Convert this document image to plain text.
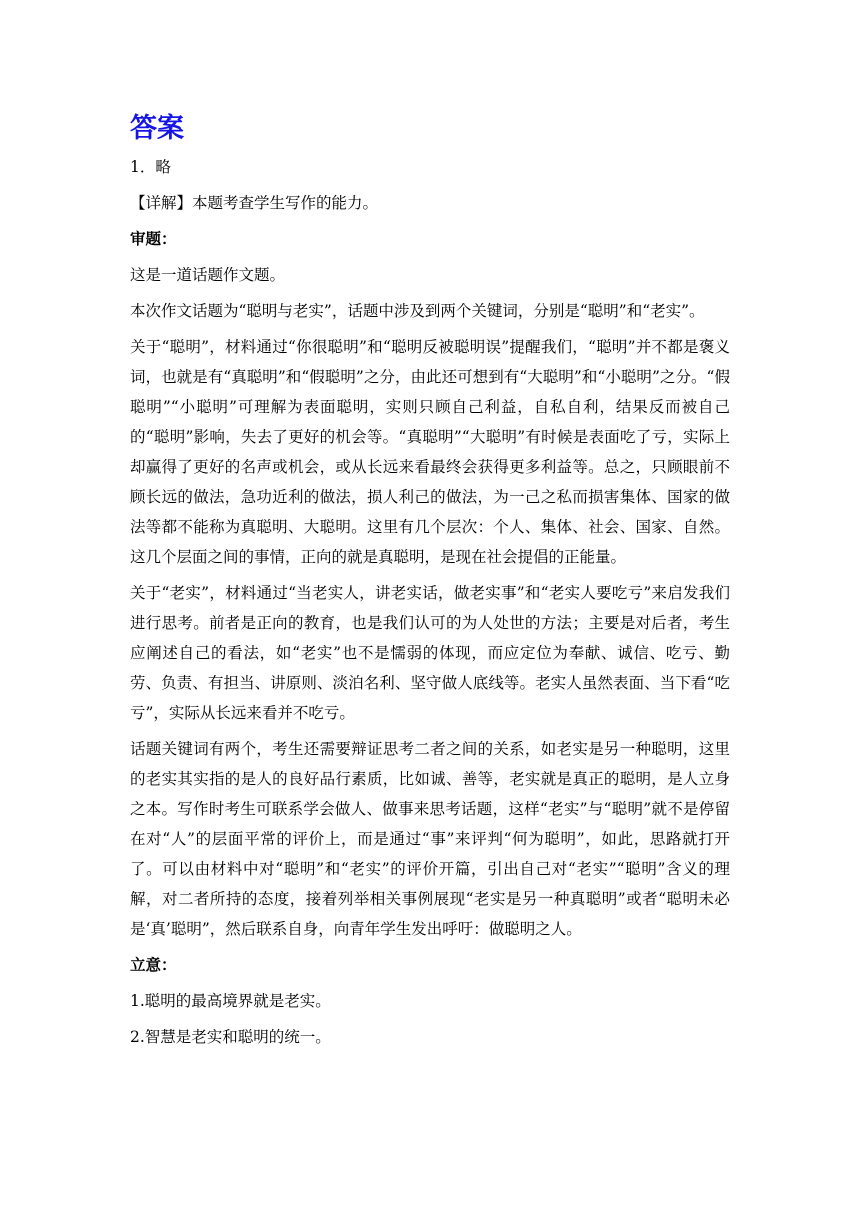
答案

1．略

【详解】本题考查学生写作的能力。

审题：

这是一道话题作文题。

本次作文话题为“聪明与老实”，话题中涉及到两个关键词，分别是“聪明”和“老实”。

关于“聪明”，材料通过“你很聪明”和“聪明反被聪明误”提醒我们，“聪明”并不都是褒义词，也就是有“真聪明”和“假聪明”之分，由此还可想到有“大聪明”和“小聪明”之分。“假聪明”“小聪明”可理解为表面聪明，实则只顾自己利益，自私自利，结果反而被自己的“聪明”影响，失去了更好的机会等。“真聪明”“大聪明”有时候是表面吃了亏，实际上却赢得了更好的名声或机会，或从长远来看最终会获得更多利益等。总之，只顾眼前不顾长远的做法，急功近利的做法，损人利己的做法，为一己之私而损害集体、国家的做法等都不能称为真聪明、大聪明。这里有几个层次：个人、集体、社会、国家、自然。这几个层面之间的事情，正向的就是真聪明，是现在社会提倡的正能量。

关于“老实”，材料通过“当老实人，讲老实话，做老实事”和“老实人要吃亏”来启发我们进行思考。前者是正向的教育，也是我们认可的为人处世的方法；主要是对后者，考生应阐述自己的看法，如“老实”也不是懦弱的体现，而应定位为奉献、诚信、吃亏、勤劳、负责、有担当、讲原则、淡泊名利、坚守做人底线等。老实人虽然表面、当下看“吃亏”，实际从长远来看并不吃亏。

话题关键词有两个，考生还需要辩证思考二者之间的关系，如老实是另一种聪明，这里的老实其实指的是人的良好品行素质，比如诚、善等，老实就是真正的聪明，是人立身之本。写作时考生可联系学会做人、做事来思考话题，这样“老实”与“聪明”就不是停留在对“人”的层面平常的评价上，而是通过“事”来评判“何为聪明”，如此，思路就打开了。可以由材料中对“聪明”和“老实”的评价开篇，引出自己对“老实”“聪明”含义的理解，对二者所持的态度，接着列举相关事例展现“老实是另一种真聪明”或者“聪明未必是‘真’聪明”，然后联系自身，向青年学生发出呼吁：做聪明之人。

立意：

1.聪明的最高境界就是老实。

2.智慧是老实和聪明的统一。
